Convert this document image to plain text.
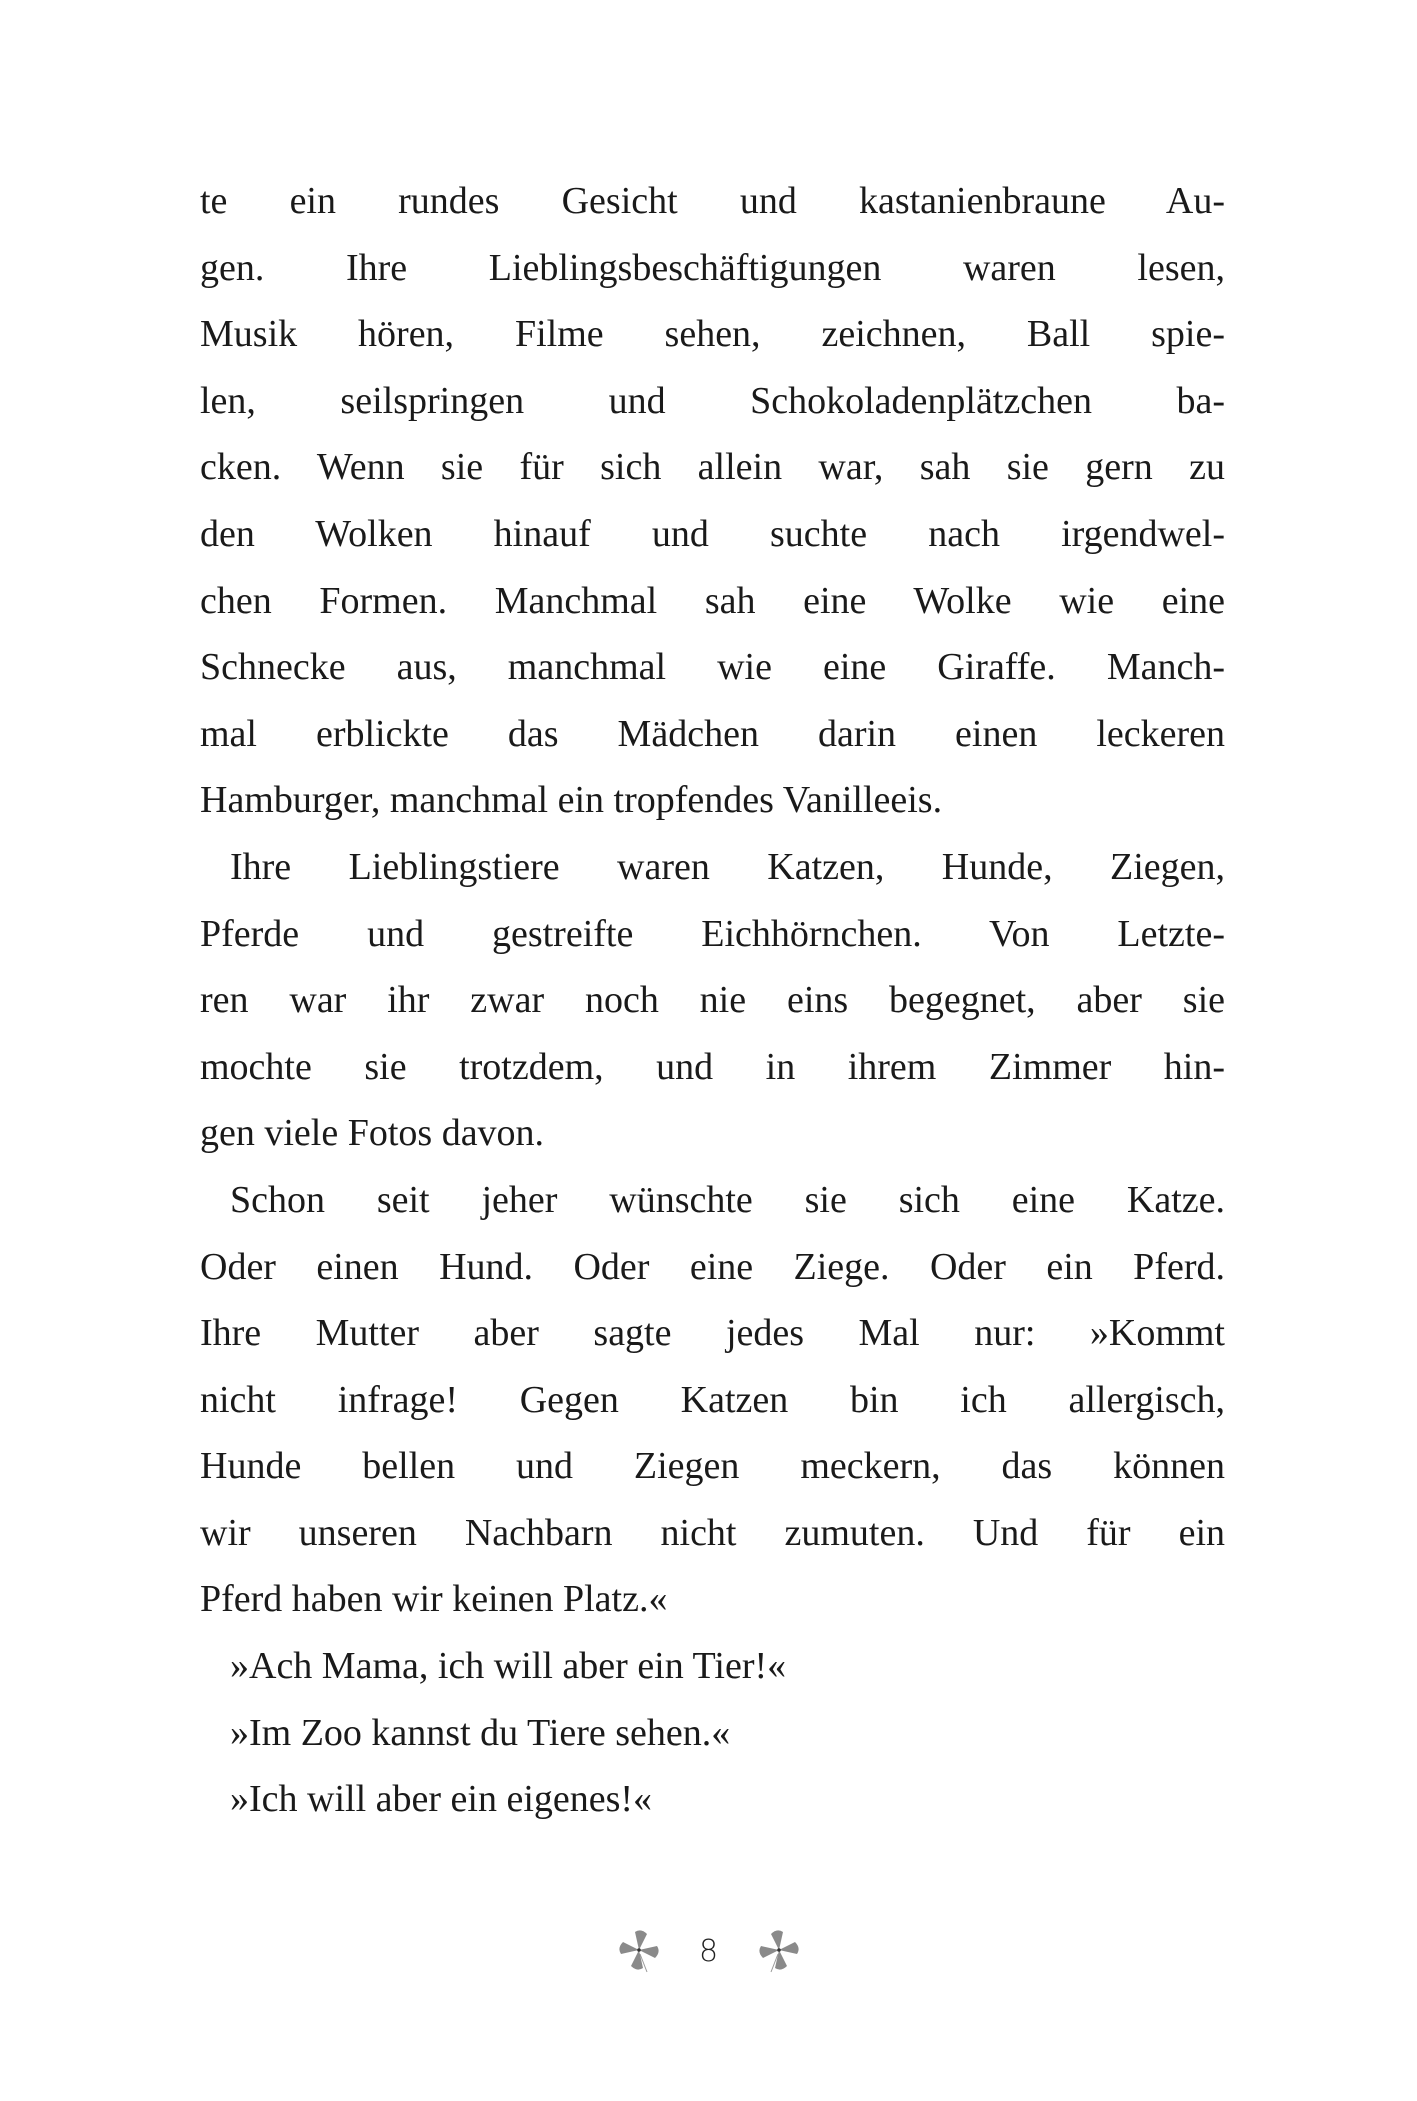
te ein rundes Gesicht und kastanienbraune Au-
gen. Ihre Lieblingsbeschäftigungen waren lesen,
Musik hören, Filme sehen, zeichnen, Ball spie-
len, seilspringen und Schokoladenplätzchen ba-
cken. Wenn sie für sich allein war, sah sie gern zu
den Wolken hinauf und suchte nach irgendwel-
chen Formen. Manchmal sah eine Wolke wie eine
Schnecke aus, manchmal wie eine Giraffe. Manch-
mal erblickte das Mädchen darin einen leckeren
Hamburger, manchmal ein tropfendes Vanilleeis.
Ihre Lieblingstiere waren Katzen, Hunde, Ziegen,
Pferde und gestreifte Eichhörnchen. Von Letzte-
ren war ihr zwar noch nie eins begegnet, aber sie
mochte sie trotzdem, und in ihrem Zimmer hin-
gen viele Fotos davon.
Schon seit jeher wünschte sie sich eine Katze.
Oder einen Hund. Oder eine Ziege. Oder ein Pferd.
Ihre Mutter aber sagte jedes Mal nur: »Kommt
nicht infrage! Gegen Katzen bin ich allergisch,
Hunde bellen und Ziegen meckern, das können
wir unseren Nachbarn nicht zumuten. Und für ein
Pferd haben wir keinen Platz.«
»Ach Mama, ich will aber ein Tier!«
»Im Zoo kannst du Tiere sehen.«
»Ich will aber ein eigenes!«
8
